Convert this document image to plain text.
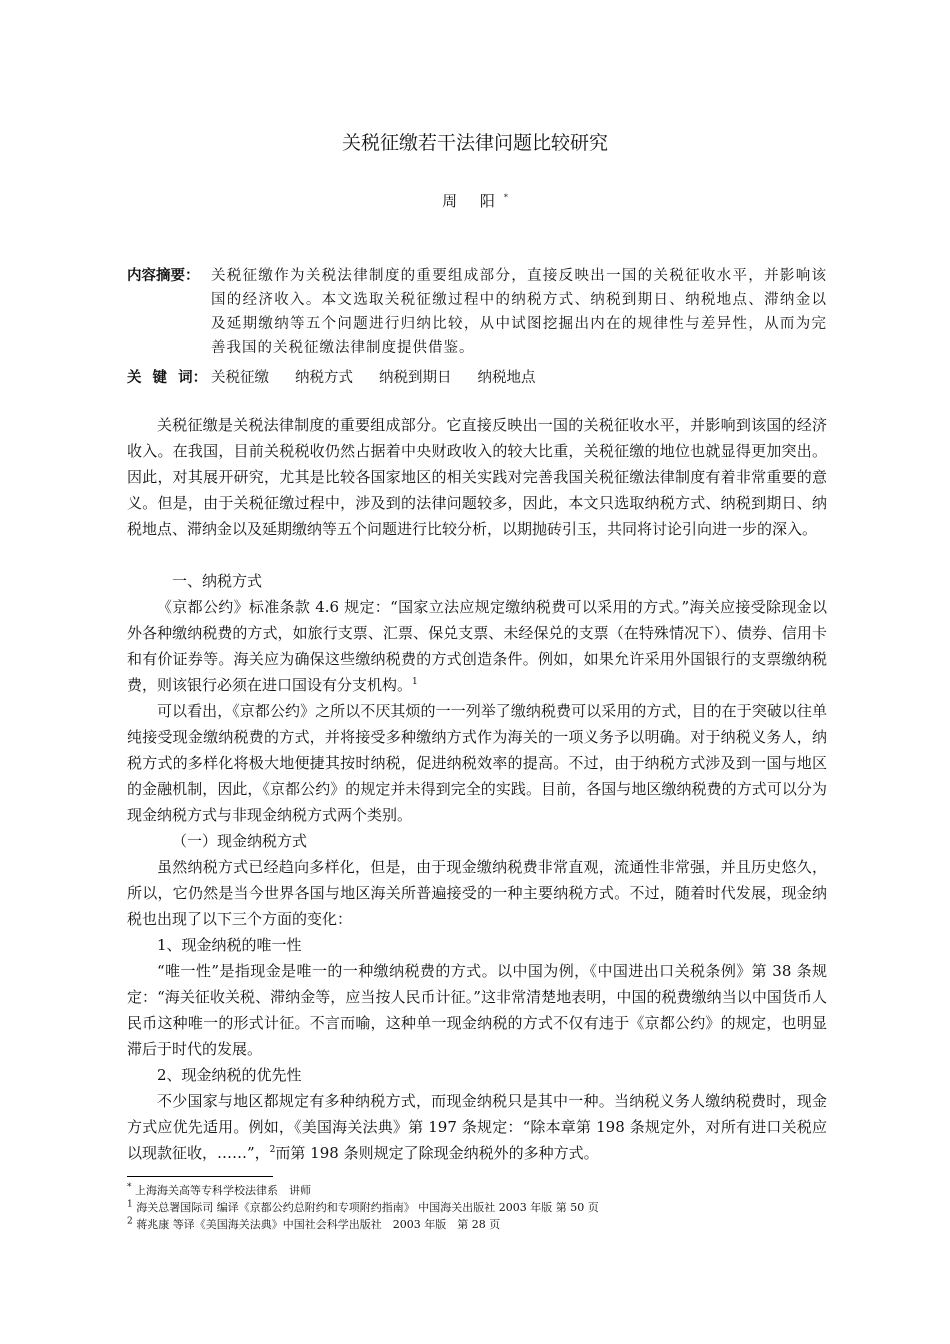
关税征缴若干法律问题比较研究
周 阳*
内容摘要： 关税征缴作为关税法律制度的重要组成部分，直接反映出一国的关税征收水平，并影响该国的经济收入。本文选取关税征缴过程中的纳税方式、纳税到期日、纳税地点、滞纳金以及延期缴纳等五个问题进行归纳比较，从中试图挖掘出内在的规律性与差异性，从而为完善我国的关税征缴法律制度提供借鉴。
关 键 词： 关税征缴 纳税方式 纳税到期日 纳税地点

关税征缴是关税法律制度的重要组成部分。它直接反映出一国的关税征收水平，并影响到该国的经济收入。在我国，目前关税税收仍然占据着中央财政收入的较大比重，关税征缴的地位也就显得更加突出。因此，对其展开研究，尤其是比较各国家地区的相关实践对完善我国关税征缴法律制度有着非常重要的意义。但是，由于关税征缴过程中，涉及到的法律问题较多，因此，本文只选取纳税方式、纳税到期日、纳税地点、滞纳金以及延期缴纳等五个问题进行比较分析，以期抛砖引玉，共同将讨论引向进一步的深入。

一、纳税方式

《京都公约》标准条款 4.6 规定：“国家立法应规定缴纳税费可以采用的方式。”海关应接受除现金以外各种缴纳税费的方式，如旅行支票、汇票、保兑支票、未经保兑的支票（在特殊情况下）、债券、信用卡和有价证券等。海关应为确保这些缴纳税费的方式创造条件。例如，如果允许采用外国银行的支票缴纳税费，则该银行必须在进口国设有分支机构。$^1$

可以看出，《京都公约》之所以不厌其烦的一一列举了缴纳税费可以采用的方式，目的在于突破以往单纯接受现金缴纳税费的方式，并将接受多种缴纳方式作为海关的一项义务予以明确。对于纳税义务人，纳税方式的多样化将极大地便捷其按时纳税，促进纳税效率的提高。不过，由于纳税方式涉及到一国与地区的金融机制，因此，《京都公约》的规定并未得到完全的实践。目前，各国与地区缴纳税费的方式可以分为现金纳税方式与非现金纳税方式两个类别。

（一）现金纳税方式

虽然纳税方式已经趋向多样化，但是，由于现金缴纳税费非常直观，流通性非常强，并且历史悠久，所以，它仍然是当今世界各国与地区海关所普遍接受的一种主要纳税方式。不过，随着时代发展，现金纳税也出现了以下三个方面的变化：

1、现金纳税的唯一性

“唯一性”是指现金是唯一的一种缴纳税费的方式。以中国为例，《中国进出口关税条例》第 38 条规定：“海关征收关税、滞纳金等，应当按人民币计征。”这非常清楚地表明，中国的税费缴纳当以中国货币人民币这种唯一的形式计征。不言而喻，这种单一现金纳税的方式不仅有违于《京都公约》的规定，也明显滞后于时代的发展。

2、现金纳税的优先性

不少国家与地区都规定有多种纳税方式，而现金纳税只是其中一种。当纳税义务人缴纳税费时，现金方式应优先适用。例如，《美国海关法典》第 197 条规定：“除本章第 198 条规定外，对所有进口关税应以现款征收，……”，$^2$而第 198 条则规定了除现金纳税外的多种方式。

* 上海海关高等专科学校法律系　讲师
$^1$ 海关总署国际司 编译《京都公约总附约和专项附约指南》 中国海关出版社 2003 年版 第 50 页
$^2$ 蒋兆康 等译《美国海关法典》中国社会科学出版社　2003 年版　第 28 页
